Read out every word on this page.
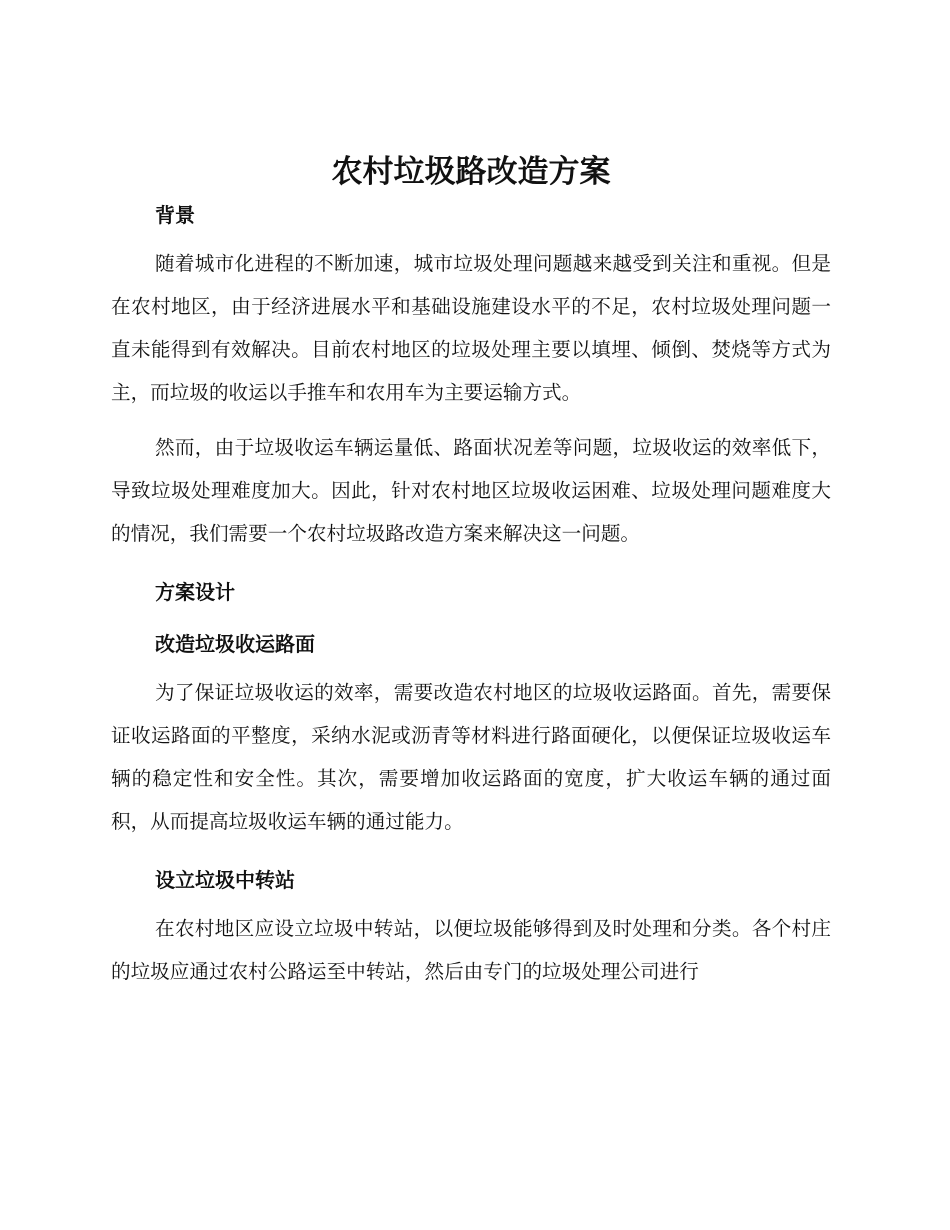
农村垃圾路改造方案
背景

随着城市化进程的不断加速，城市垃圾处理问题越来越受到关注和重视。但是在农村地区，由于经济进展水平和基础设施建设水平的不足，农村垃圾处理问题一直未能得到有效解决。目前农村地区的垃圾处理主要以填埋、倾倒、焚烧等方式为主，而垃圾的收运以手推车和农用车为主要运输方式。

然而，由于垃圾收运车辆运量低、路面状况差等问题，垃圾收运的效率低下，导致垃圾处理难度加大。因此，针对农村地区垃圾收运困难、垃圾处理问题难度大的情况，我们需要一个农村垃圾路改造方案来解决这一问题。

方案设计
改造垃圾收运路面

为了保证垃圾收运的效率，需要改造农村地区的垃圾收运路面。首先，需要保证收运路面的平整度，采纳水泥或沥青等材料进行路面硬化，以便保证垃圾收运车辆的稳定性和安全性。其次，需要增加收运路面的宽度，扩大收运车辆的通过面积，从而提高垃圾收运车辆的通过能力。

设立垃圾中转站

在农村地区应设立垃圾中转站，以便垃圾能够得到及时处理和分类。各个村庄的垃圾应通过农村公路运至中转站，然后由专门的垃圾处理公司进行
